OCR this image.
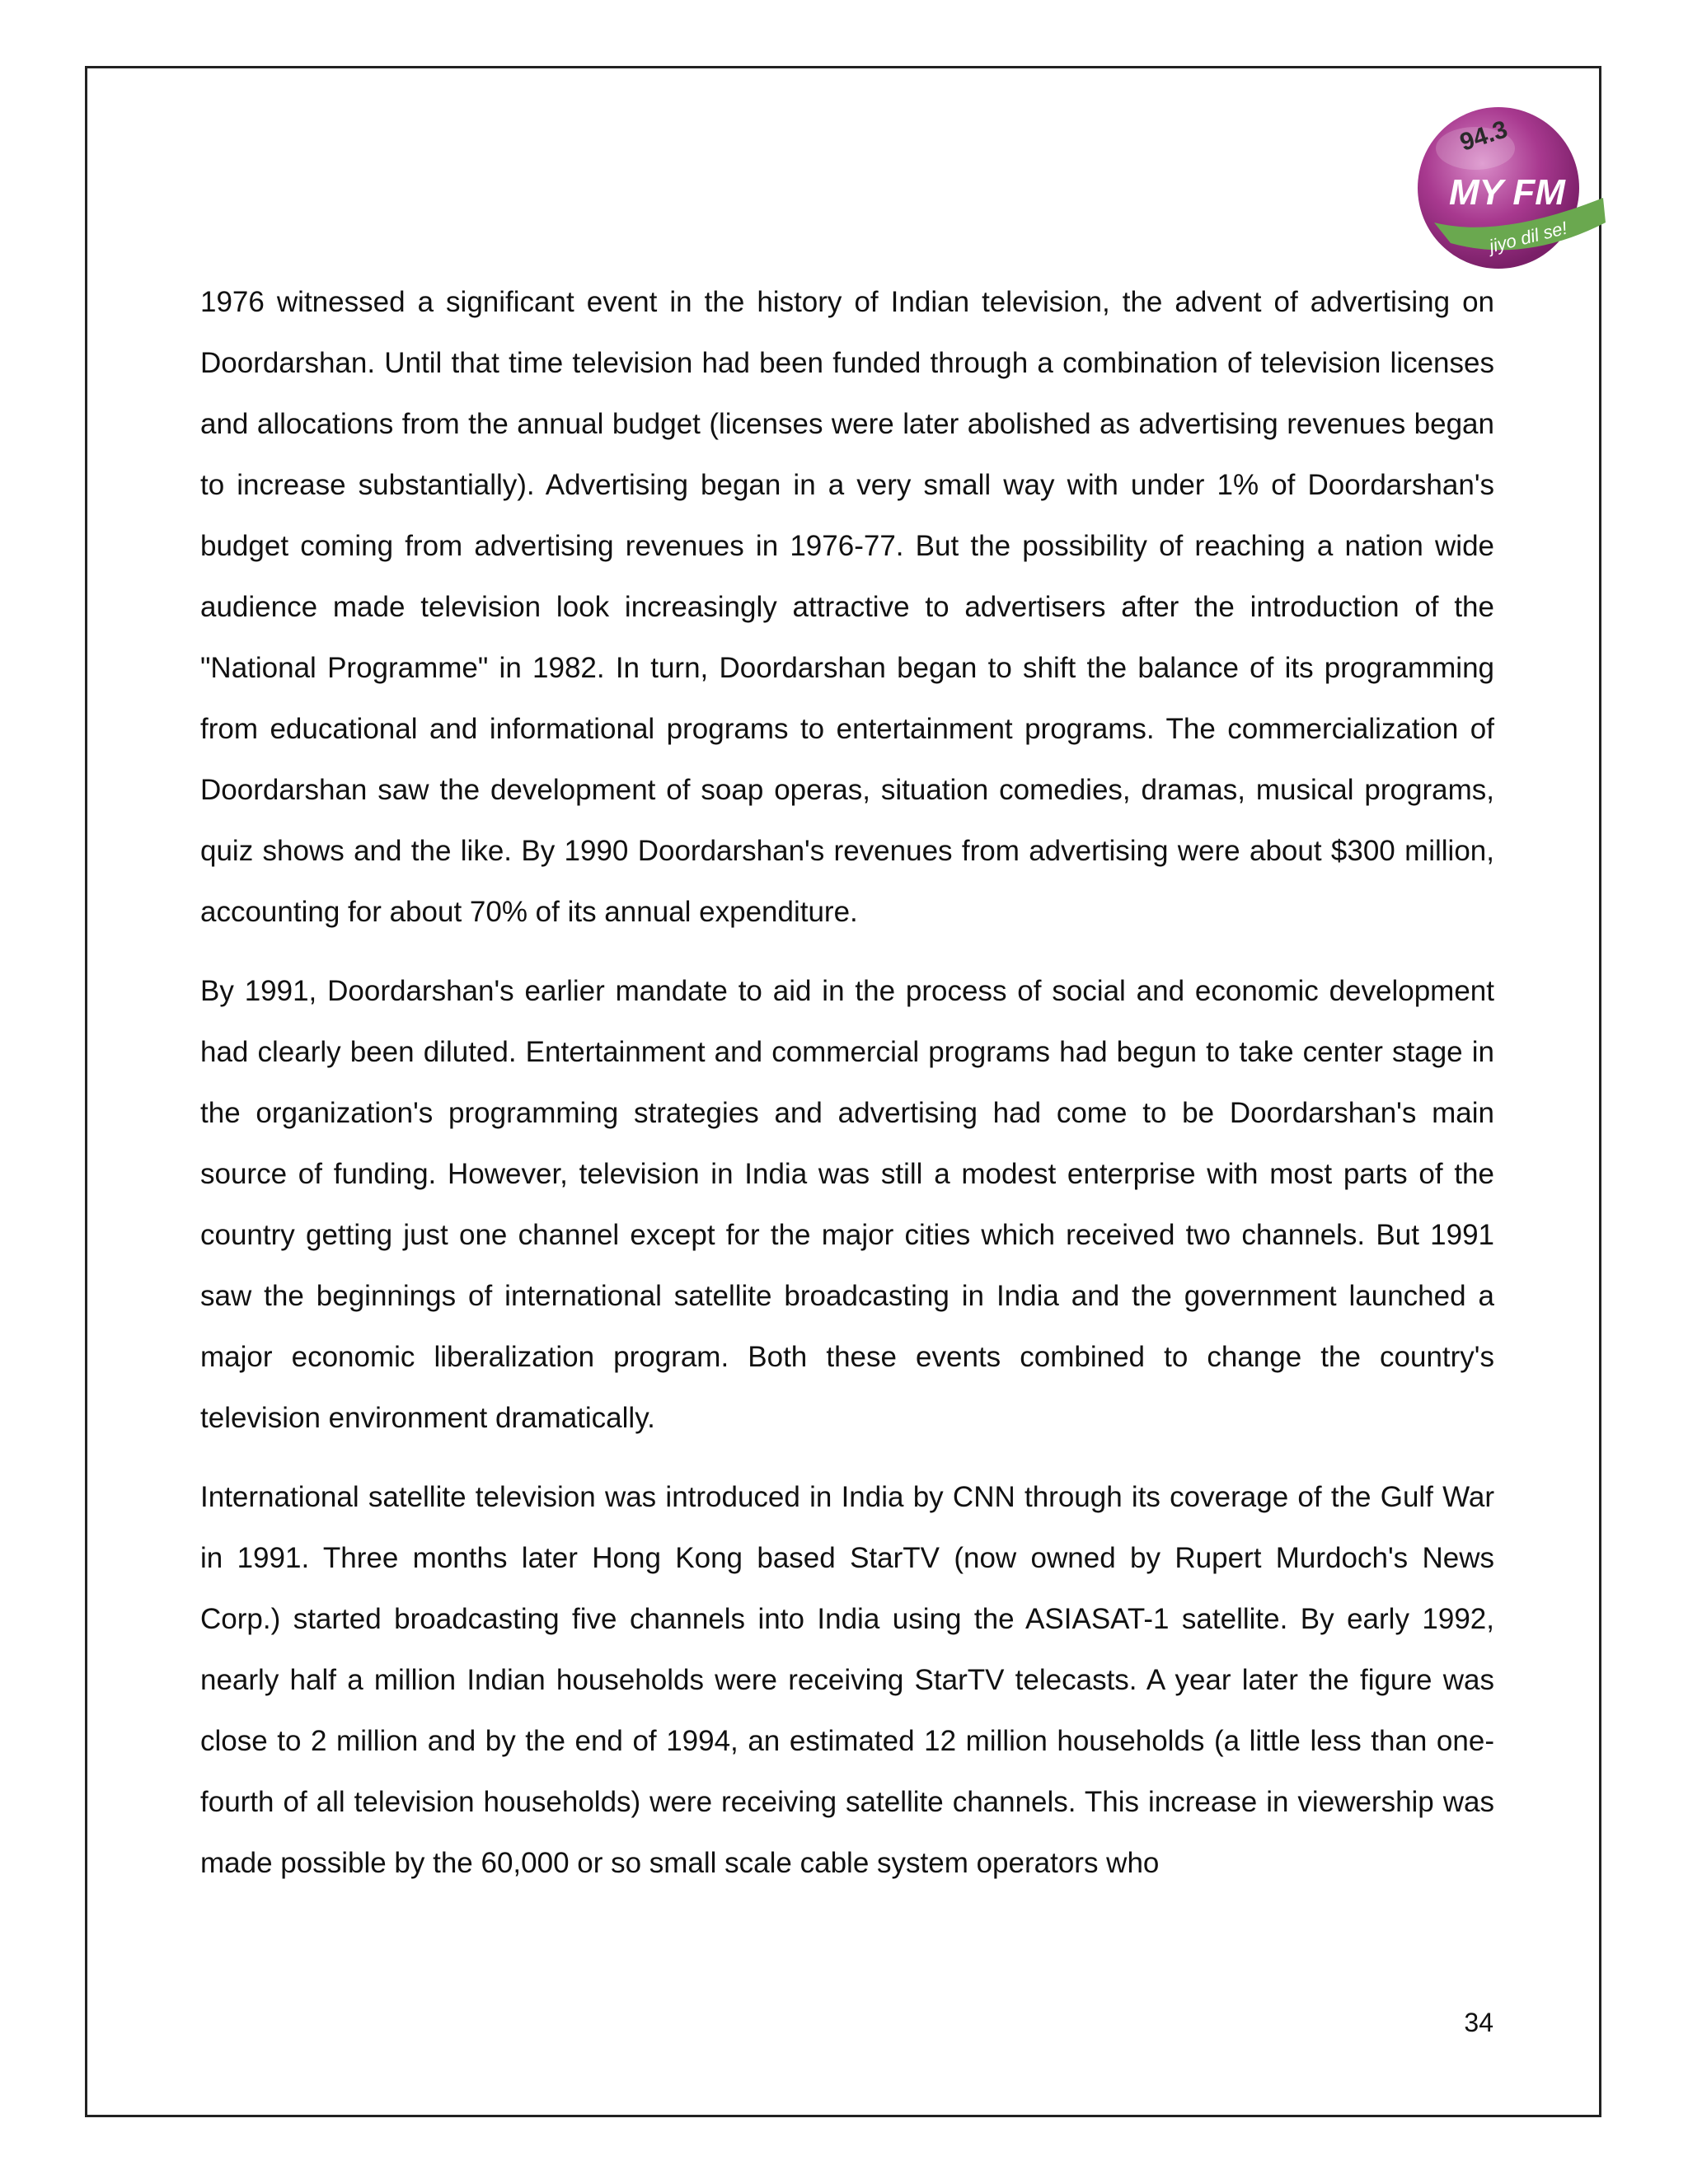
94.3
MY FM
jiyo dil se!

1976 witnessed a significant event in the history of Indian television, the advent of advertising on Doordarshan. Until that time television had been funded through a combination of television licenses and allocations from the annual budget (licenses were later abolished as advertising revenues began to increase substantially). Advertising began in a very small way with under 1% of Doordarshan's budget coming from advertising revenues in 1976-77. But the possibility of reaching a nation wide audience made television look increasingly attractive to advertisers after the introduction of the "National Programme" in 1982. In turn, Doordarshan began to shift the balance of its programming from educational and informational programs to entertainment programs. The commercialization of Doordarshan saw the development of soap operas, situation comedies, dramas, musical programs, quiz shows and the like. By 1990 Doordarshan's revenues from advertising were about $300 million, accounting for about 70% of its annual expenditure.

By 1991, Doordarshan's earlier mandate to aid in the process of social and economic development had clearly been diluted. Entertainment and commercial programs had begun to take center stage in the organization's programming strategies and advertising had come to be Doordarshan's main source of funding. However, television in India was still a modest enterprise with most parts of the country getting just one channel except for the major cities which received two channels. But 1991 saw the beginnings of international satellite broadcasting in India and the government launched a major economic liberalization program. Both these events combined to change the country's television environment dramatically.

International satellite television was introduced in India by CNN through its coverage of the Gulf War in 1991. Three months later Hong Kong based StarTV (now owned by Rupert Murdoch's News Corp.) started broadcasting five channels into India using the ASIASAT-1 satellite. By early 1992, nearly half a million Indian households were receiving StarTV telecasts. A year later the figure was close to 2 million and by the end of 1994, an estimated 12 million households (a little less than one-fourth of all television households) were receiving satellite channels. This increase in viewership was made possible by the 60,000 or so small scale cable system operators who

34
